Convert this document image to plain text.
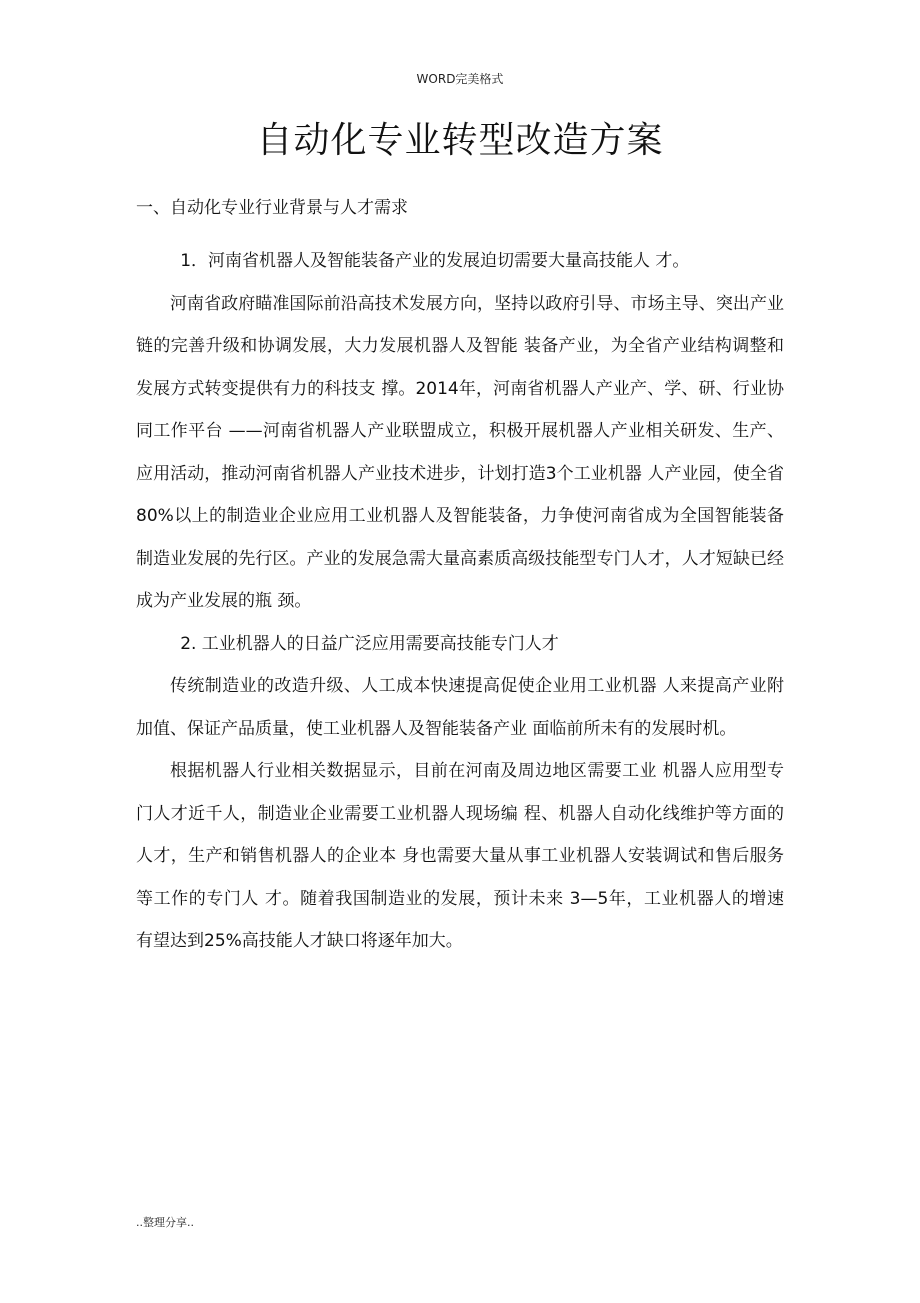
WORD完美格式
自动化专业转型改造方案
一、自动化专业行业背景与人才需求

1．河南省机器人及智能装备产业的发展迫切需要大量高技能人 才。

河南省政府瞄准国际前沿高技术发展方向，坚持以政府引导、市场主导、突出产业链的完善升级和协调发展，大力发展机器人及智能 装备产业，为全省产业结构调整和发展方式转变提供有力的科技支 撑。2014年，河南省机器人产业产、学、研、行业协同工作平台 ——河南省机器人产业联盟成立，积极开展机器人产业相关研发、生产、 应用活动，推动河南省机器人产业技术进步，计划打造3个工业机器 人产业园，使全省80%以上的制造业企业应用工业机器人及智能装备，力争使河南省成为全国智能装备制造业发展的先行区。产业的发展急需大量高素质高级技能型专门人才，人才短缺已经成为产业发展的瓶 颈。

2. 工业机器人的日益广泛应用需要高技能专门人才

传统制造业的改造升级、人工成本快速提高促使企业用工业机器 人来提高产业附加值、保证产品质量，使工业机器人及智能装备产业 面临前所未有的发展时机。

根据机器人行业相关数据显示，目前在河南及周边地区需要工业 机器人应用型专门人才近千人，制造业企业需要工业机器人现场编 程、机器人自动化线维护等方面的人才，生产和销售机器人的企业本 身也需要大量从事工业机器人安装调试和售后服务等工作的专门人 才。随着我国制造业的发展，预计未来 3—5年，工业机器人的增速 有望达到25%高技能人才缺口将逐年加大。

..整理分享..
